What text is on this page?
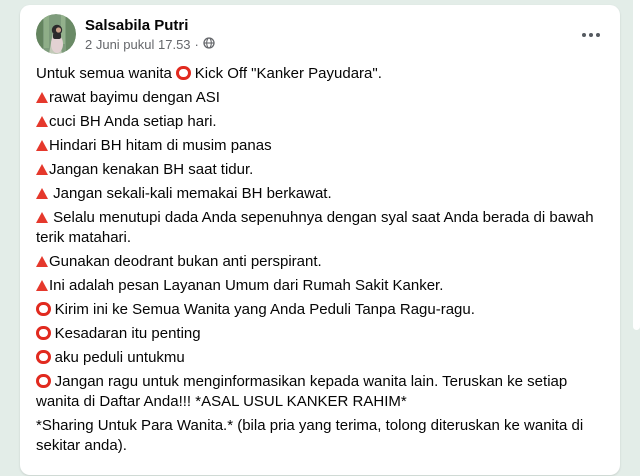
Salsabila Putri
2 Juni pukul 17.53 ·
Untuk semua wanita  Kick Off "Kanker Payudara".
rawat bayimu dengan ASI
cuci BH Anda setiap hari.
Hindari BH hitam di musim panas
Jangan kenakan BH saat tidur.
Jangan sekali-kali memakai BH berkawat.
Selalu menutupi dada Anda sepenuhnya dengan syal saat Anda berada di bawah terik matahari.
Gunakan deodrant bukan anti perspirant.
Ini adalah pesan Layanan Umum dari Rumah Sakit Kanker.
Kirim ini ke Semua Wanita yang Anda Peduli Tanpa Ragu-ragu.
Kesadaran itu penting
aku peduli untukmu
Jangan ragu untuk menginformasikan kepada wanita lain. Teruskan ke setiap wanita di Daftar Anda!!! *ASAL USUL KANKER RAHIM*
*Sharing Untuk Para Wanita.* (bila pria yang terima, tolong diteruskan ke wanita di sekitar anda).
